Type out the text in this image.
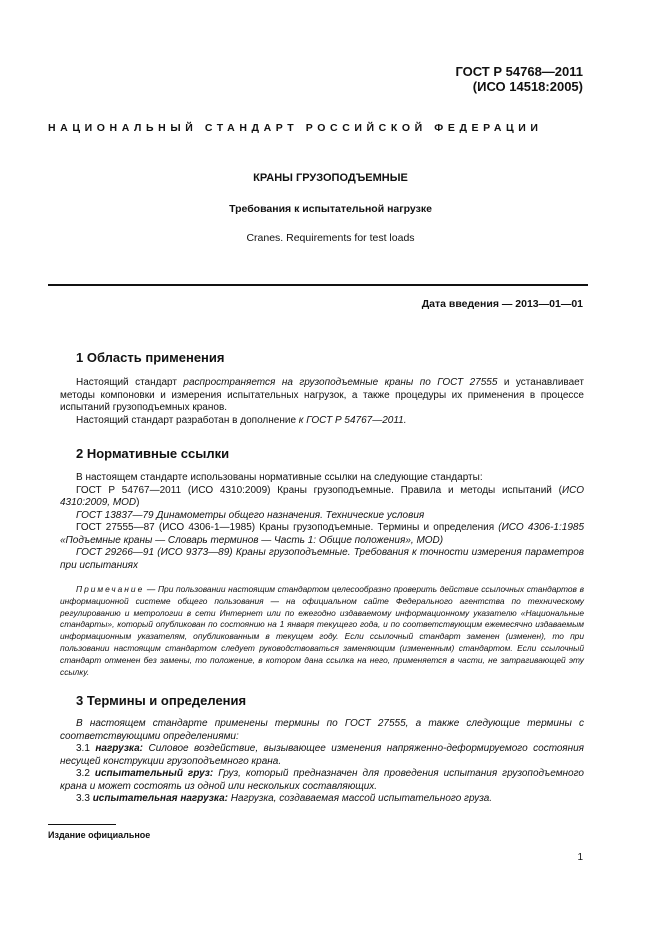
ГОСТ Р 54768—2011
(ИСО 14518:2005)
НАЦИОНАЛЬНЫЙ СТАНДАРТ РОССИЙСКОЙ ФЕДЕРАЦИИ
КРАНЫ ГРУЗОПОДЪЕМНЫЕ
Требования к испытательной нагрузке
Cranes. Requirements for test loads
Дата введения — 2013—01—01
1 Область применения

Настоящий стандарт распространяется на грузоподъемные краны по ГОСТ 27555 и устанавливает методы компоновки и измерения испытательных нагрузок, а также процедуры их применения в процессе испытаний грузоподъемных кранов.

Настоящий стандарт разработан в дополнение к ГОСТ Р 54767—2011.

2 Нормативные ссылки

В настоящем стандарте использованы нормативные ссылки на следующие стандарты:

ГОСТ Р 54767—2011 (ИСО 4310:2009) Краны грузоподъемные. Правила и методы испытаний (ИСО 4310:2009, MOD)

ГОСТ 13837—79 Динамометры общего назначения. Технические условия

ГОСТ 27555—87 (ИСО 4306-1—1985) Краны грузоподъемные. Термины и определения (ИСО 4306-1:1985 «Подъемные краны — Словарь терминов — Часть 1: Общие положения», MOD)

ГОСТ 29266—91 (ИСО 9373—89) Краны грузоподъемные. Требования к точности измерения параметров при испытаниях

Примечание — При пользовании настоящим стандартом целесообразно проверить действие ссылочных стандартов в информационной системе общего пользования — на официальном сайте Федерального агентства по техническому регулированию и метрологии в сети Интернет или по ежегодно издаваемому информационному указателю «Национальные стандарты», который опубликован по состоянию на 1 января текущего года, и по соответствующим ежемесячно издаваемым информационным указателям, опубликованным в текущем году. Если ссылочный стандарт заменен (изменен), то при пользовании настоящим стандартом следует руководствоваться заменяющим (измененным) стандартом. Если ссылочный стандарт отменен без замены, то положение, в котором дана ссылка на него, применяется в части, не затрагивающей эту ссылку.

3 Термины и определения

В настоящем стандарте применены термины по ГОСТ 27555, а также следующие термины с соответствующими определениями:

3.1 нагрузка: Силовое воздействие, вызывающее изменения напряженно-деформируемого состояния несущей конструкции грузоподъемного крана.

3.2 испытательный груз: Груз, который предназначен для проведения испытания грузоподъемного крана и может состоять из одной или нескольких составляющих.

3.3 испытательная нагрузка: Нагрузка, создаваемая массой испытательного груза.

Издание официальное
1
